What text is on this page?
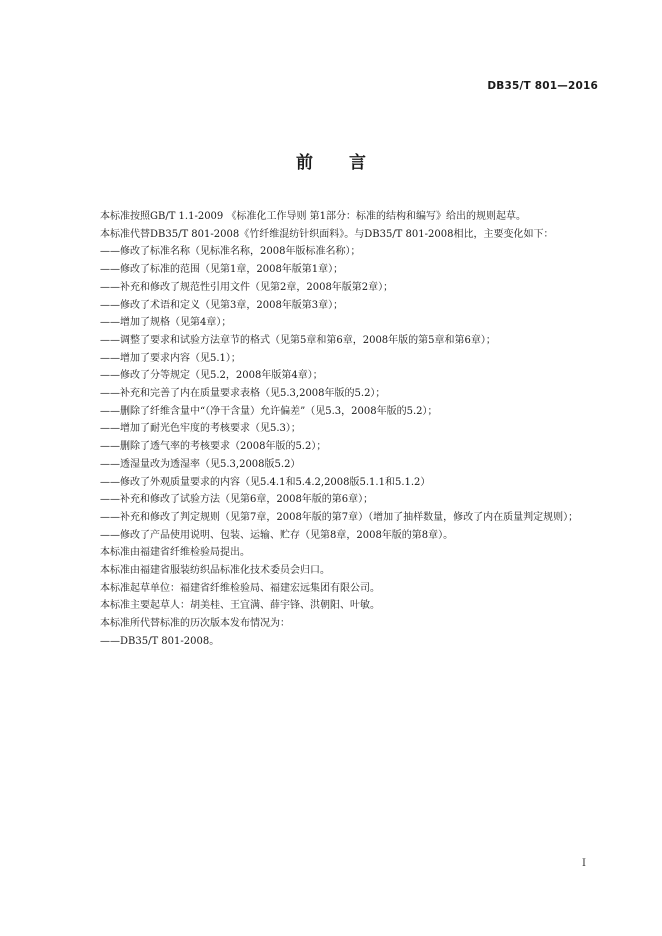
DB35/T 801—2016
前言

本标准按照GB/T 1.1-2009 《标准化工作导则 第1部分：标准的结构和编写》给出的规则起草。

本标准代替DB35/T 801-2008《竹纤维混纺针织面料》。与DB35/T 801-2008相比，主要变化如下：

——修改了标准名称（见标准名称，2008年版标准名称）；

——修改了标准的范围（见第1章，2008年版第1章）；

——补充和修改了规范性引用文件（见第2章，2008年版第2章）；

——修改了术语和定义（见第3章，2008年版第3章）；

——增加了规格（见第4章）；

——调整了要求和试验方法章节的格式（见第5章和第6章，2008年版的第5章和第6章）；

——增加了要求内容（见5.1）；

——修改了分等规定（见5.2，2008年版第4章）；

——补充和完善了内在质量要求表格（见5.3,2008年版的5.2）；

——删除了纤维含量中“（净干含量）允许偏差”（见5.3，2008年版的5.2）；

——增加了耐光色牢度的考核要求（见5.3）；

——删除了透气率的考核要求（2008年版的5.2）；

——透湿量改为透湿率（见5.3,2008版5.2）

——修改了外观质量要求的内容（见5.4.1和5.4.2,2008版5.1.1和5.1.2）

——补充和修改了试验方法（见第6章，2008年版的第6章）；

——补充和修改了判定规则（见第7章，2008年版的第7章）（增加了抽样数量，修改了内在质量判定规则）；

——修改了产品使用说明、包装、运输、贮存（见第8章，2008年版的第8章）。

本标准由福建省纤维检验局提出。

本标准由福建省服装纺织品标准化技术委员会归口。

本标准起草单位：福建省纤维检验局、福建宏远集团有限公司。

本标准主要起草人：胡美桂、王宜满、薛宇锋、洪朝阳、叶敏。

本标准所代替标准的历次版本发布情况为：

——DB35/T 801-2008。

I
